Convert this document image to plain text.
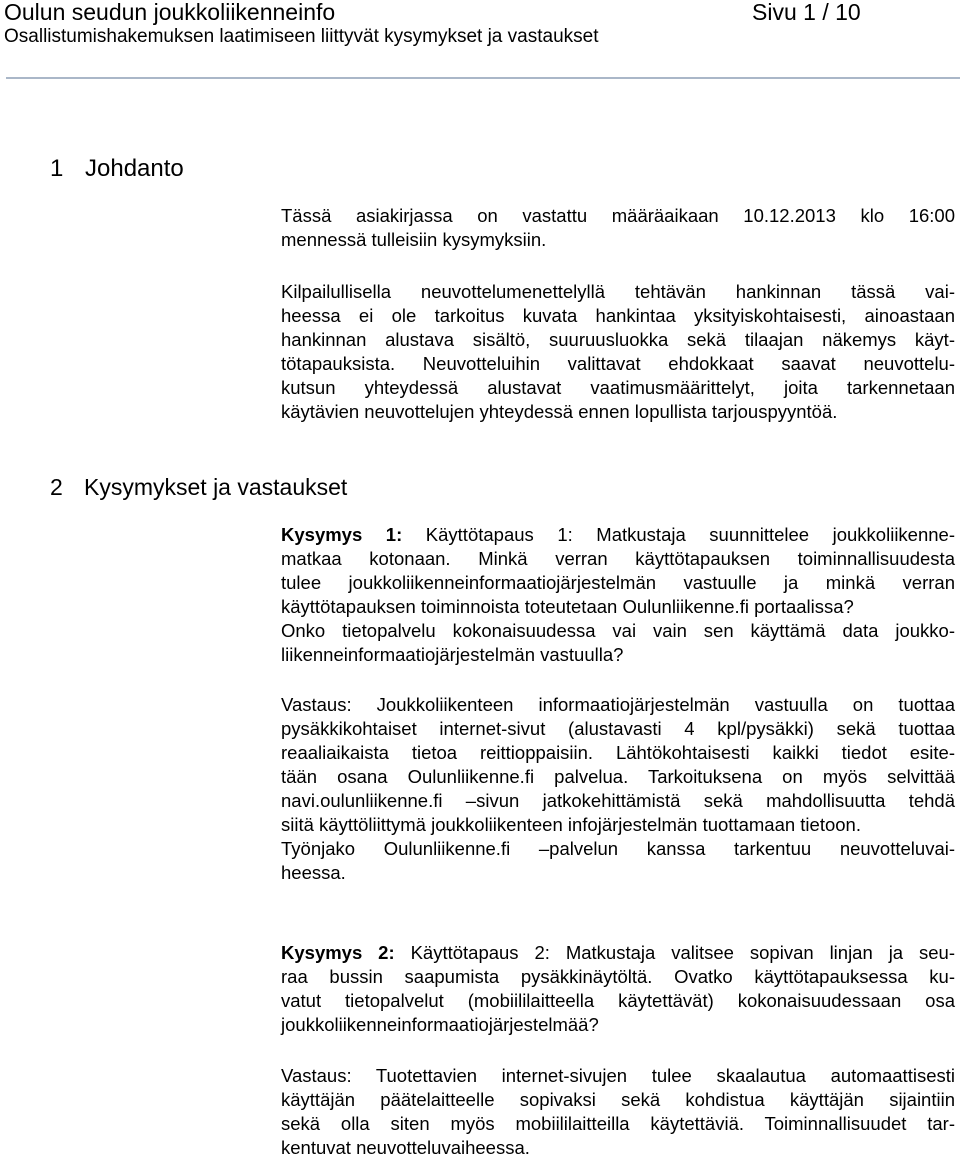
Oulun seudun joukkoliikenneinfo
Osallistumishakemuksen laatimiseen liittyvät kysymykset ja vastaukset
Sivu 1 / 10
1 Johdanto
Tässä asiakirjassa on vastattu määräaikaan 10.12.2013 klo 16:00
mennessä tulleisiin kysymyksiin.
Kilpailullisella neuvottelumenettelyllä tehtävän hankinnan tässä vai-
heessa ei ole tarkoitus kuvata hankintaa yksityiskohtaisesti, ainoastaan
hankinnan alustava sisältö, suuruusluokka sekä tilaajan näkemys käyt-
tötapauksista. Neuvotteluihin valittavat ehdokkaat saavat neuvottelu-
kutsun yhteydessä alustavat vaatimusmäärittelyt, joita tarkennetaan
käytävien neuvottelujen yhteydessä ennen lopullista tarjouspyyntöä.
2 Kysymykset ja vastaukset
Kysymys 1: Käyttötapaus 1: Matkustaja suunnittelee joukkoliikenne-
matkaa kotonaan. Minkä verran käyttötapauksen toiminnallisuudesta
tulee joukkoliikenneinformaatiojärjestelmän vastuulle ja minkä verran
käyttötapauksen toiminnoista toteutetaan Oulunliikenne.fi portaalissa?
Onko tietopalvelu kokonaisuudessa vai vain sen käyttämä data joukko-
liikenneinformaatiojärjestelmän vastuulla?
Vastaus: Joukkoliikenteen informaatiojärjestelmän vastuulla on tuottaa
pysäkkikohtaiset internet-sivut (alustavasti 4 kpl/pysäkki) sekä tuottaa
reaaliaikaista tietoa reittioppaisiin. Lähtökohtaisesti kaikki tiedot esite-
tään osana Oulunliikenne.fi palvelua. Tarkoituksena on myös selvittää
navi.oulunliikenne.fi –sivun jatkokehittämistä sekä mahdollisuutta tehdä
siitä käyttöliittymä joukkoliikenteen infojärjestelmän tuottamaan tietoon.
Työnjako Oulunliikenne.fi –palvelun kanssa tarkentuu neuvotteluvai-
heessa.
Kysymys 2: Käyttötapaus 2: Matkustaja valitsee sopivan linjan ja seu-
raa bussin saapumista pysäkkinäytöltä. Ovatko käyttötapauksessa ku-
vatut tietopalvelut (mobiililaitteella käytettävät) kokonaisuudessaan osa
joukkoliikenneinformaatiojärjestelmää?
Vastaus: Tuotettavien internet-sivujen tulee skaalautua automaattisesti
käyttäjän päätelaitteelle sopivaksi sekä kohdistua käyttäjän sijaintiin
sekä olla siten myös mobiililaitteilla käytettäviä. Toiminnallisuudet tar-
kentuvat neuvotteluvaiheessa.
